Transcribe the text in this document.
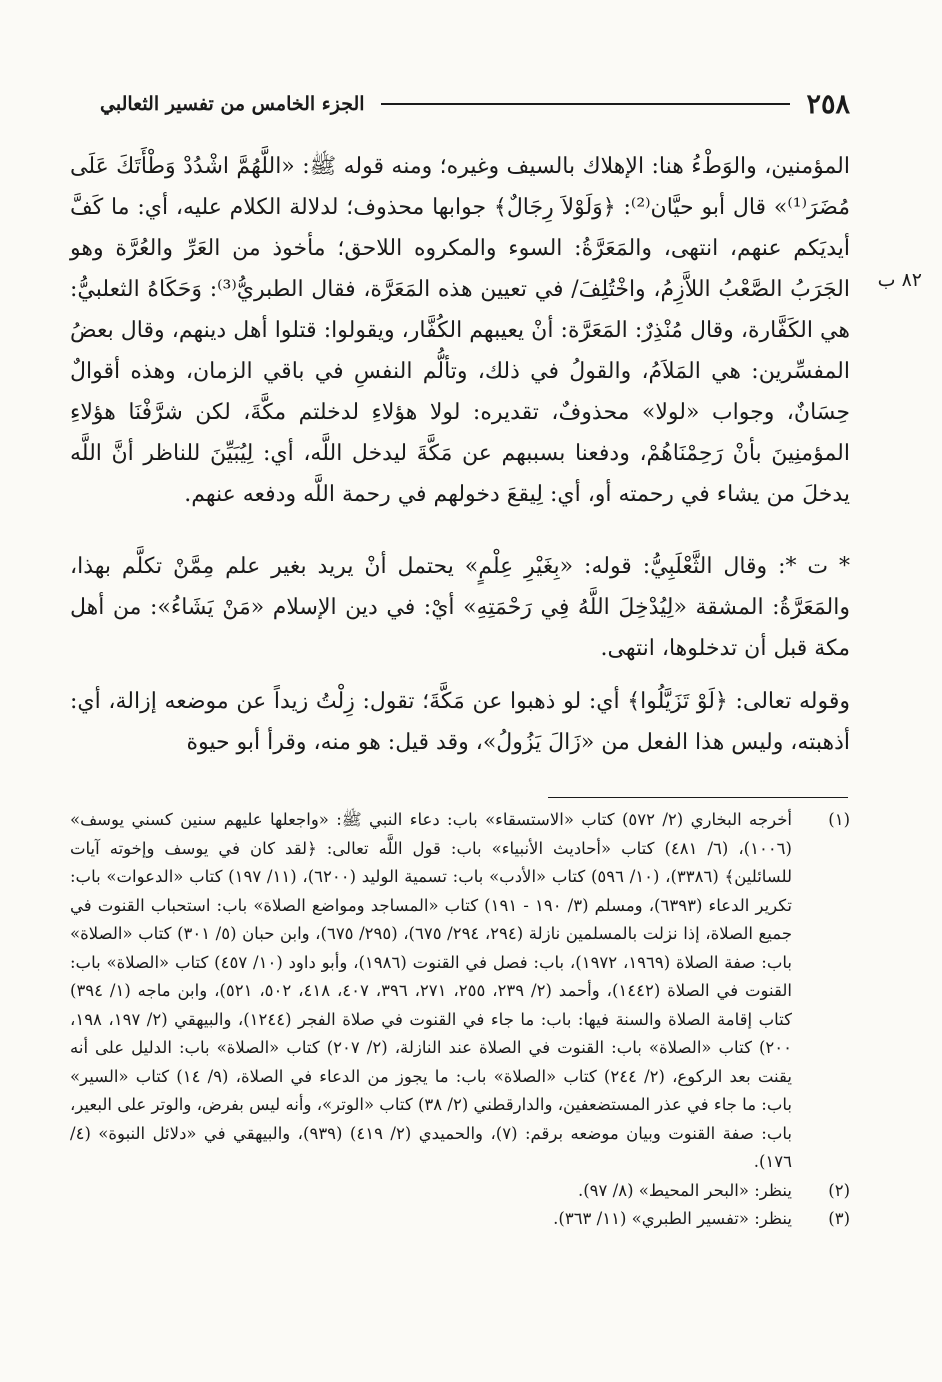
٢٥٨
الجزء الخامس من تفسير الثعالبي
٨٢ ب

المؤمنين، والوَطْءُ هنا: الإهلاك بالسيف وغيره؛ ومنه قوله ﷺ: «اللَّهُمَّ اشْدُدْ وَطْأَتَكَ عَلَى مُضَرَ⁽¹⁾» قال أبو حيَّان⁽²⁾: ﴿وَلَوْلاَ رِجَالٌ﴾ جوابها محذوف؛ لدلالة الكلام عليه، أي: ما كَفَّ أيديَكم عنهم، انتهى، والمَعَرَّةُ: السوء والمكروه اللاحق؛ مأخوذ من العَرِّ والعُرَّة وهو الجَرَبُ الصَّعْبُ اللاَّزِمُ، واخْتُلِفَ/ في تعيين هذه المَعَرَّة، فقال الطبريُّ⁽³⁾: وَحَكَاهُ الثعلبيُّ: هي الكَفَّارة، وقال مُنْذِرٌ: المَعَرَّة: أنْ يعيبهم الكُفَّار، ويقولوا: قتلوا أهل دينهم، وقال بعضُ المفسِّرين: هي المَلاَمُ، والقولُ في ذلك، وتألُّم النفسِ في باقي الزمان، وهذه أقوالٌ حِسَانٌ، وجواب «لولا» محذوفٌ، تقديره: لولا هؤلاءِ لدخلتم مكَّةَ، لكن شرَّفْنَا هؤلاءِ المؤمنِينَ بأنْ رَحِمْنَاهُمْ، ودفعنا بسببهم عن مَكَّةَ ليدخل اللَّه، أي: لِيُبَيِّنَ للناظر أنَّ اللَّه يدخلَ من يشاء في رحمته أو، أي: لِيقعَ دخولهم في رحمة اللَّه ودفعه عنهم.

* ت *: وقال الثَّعْلَبِيُّ: قوله: «بِغَيْرِ عِلْمٍ» يحتمل أنْ يريد بغير علم مِمَّنْ تكلَّم بهذا، والمَعَرَّةُ: المشقة «لِيُدْخِلَ اللَّهُ فِي رَحْمَتِهِ» أيْ: في دين الإسلام «مَنْ يَشَاءُ»: من أهل مكة قبل أن تدخلوها، انتهى.

وقوله تعالى: ﴿لَوْ تَزَيَّلُوا﴾ أي: لو ذهبوا عن مَكَّةَ؛ تقول: زِلْتُ زيداً عن موضعه إزالة، أي: أذهبته، وليس هذا الفعل من «زَالَ يَزُولُ»، وقد قيل: هو منه، وقرأ أبو حيوة

(١)
أخرجه البخاري (٢/ ٥٧٢) كتاب «الاستسقاء» باب: دعاء النبي ﷺ: «واجعلها عليهم سنين كسني يوسف» (١٠٠٦)، (٦/ ٤٨١) كتاب «أحاديث الأنبياء» باب: قول اللَّه تعالى: ﴿لقد كان في يوسف وإخوته آيات للسائلين﴾ (٣٣٨٦)، (١٠/ ٥٩٦) كتاب «الأدب» باب: تسمية الوليد (٦٢٠٠)، (١١/ ١٩٧) كتاب «الدعوات» باب: تكرير الدعاء (٦٣٩٣)، ومسلم (٣/ ١٩٠ - ١٩١) كتاب «المساجد ومواضع الصلاة» باب: استحباب القنوت في جميع الصلاة، إذا نزلت بالمسلمين نازلة (٢٩٤، ٢٩٤/ ٦٧٥)، (٢٩٥/ ٦٧٥)، وابن حبان (٥/ ٣٠١) كتاب «الصلاة» باب: صفة الصلاة (١٩٦٩، ١٩٧٢)، باب: فصل في القنوت (١٩٨٦)، وأبو داود (١٠/ ٤٥٧) كتاب «الصلاة» باب: القنوت في الصلاة (١٤٤٢)، وأحمد (٢/ ٢٣٩، ٢٥٥، ٢٧١، ٣٩٦، ٤٠٧، ٤١٨، ٥٠٢، ٥٢١)، وابن ماجه (١/ ٣٩٤) كتاب إقامة الصلاة والسنة فيها: باب: ما جاء في القنوت في صلاة الفجر (١٢٤٤)، والبيهقي (٢/ ١٩٧، ١٩٨، ٢٠٠) كتاب «الصلاة» باب: القنوت في الصلاة عند النازلة، (٢/ ٢٠٧) كتاب «الصلاة» باب: الدليل على أنه يقنت بعد الركوع، (٢/ ٢٤٤) كتاب «الصلاة» باب: ما يجوز من الدعاء في الصلاة، (٩/ ١٤) كتاب «السير» باب: ما جاء في عذر المستضعفين، والدارقطني (٢/ ٣٨) كتاب «الوتر»، وأنه ليس بفرض، والوتر على البعير، باب: صفة القنوت وبيان موضعه برقم: (٧)، والحميدي (٢/ ٤١٩) (٩٣٩)، والبيهقي في «دلائل النبوة» (٤/ ١٧٦).
(٢)
ينظر: «البحر المحيط» (٨/ ٩٧).
(٣)
ينظر: «تفسير الطبري» (١١/ ٣٦٣).
